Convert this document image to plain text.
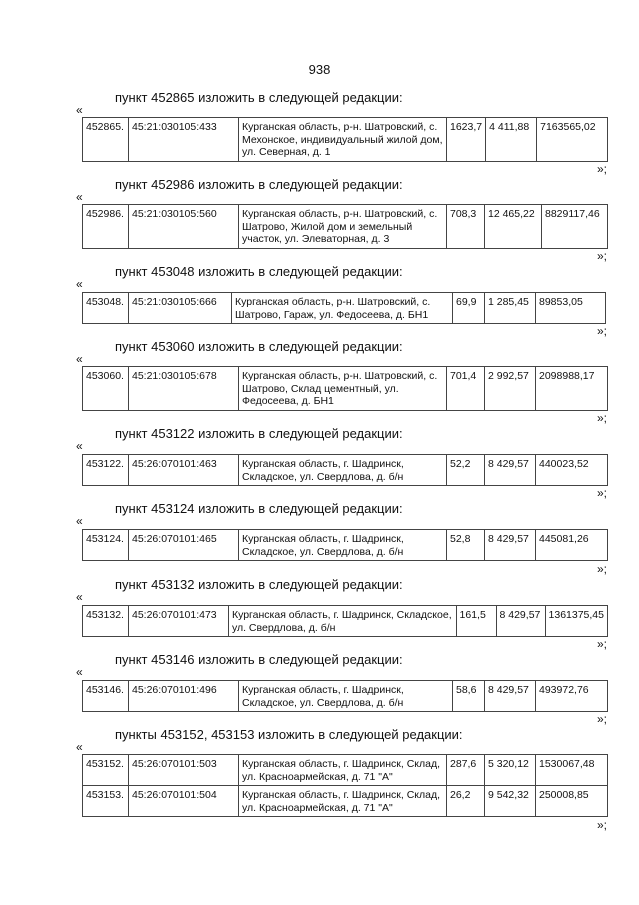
938
пункт 452865 изложить в следующей редакции:
«
452865.	45:21:030105:433	Курганская область, р-н. Шатровский, с. Мехонское, индивидуальный жилой дом, ул. Северная, д. 1	1623,7	4 411,88	7163565,02
»;
пункт 452986 изложить в следующей редакции:
«
452986.	45:21:030105:560	Курганская область, р-н. Шатровский, с. Шатрово, Жилой дом и земельный участок, ул. Элеваторная, д. 3	708,3	12 465,22	8829117,46
»;
пункт 453048 изложить в следующей редакции:
«
453048.	45:21:030105:666	Курганская область, р-н. Шатровский, с. Шатрово, Гараж, ул. Федосеева, д. БН1	69,9	1 285,45	89853,05
»;
пункт 453060 изложить в следующей редакции:
«
453060.	45:21:030105:678	Курганская область, р-н. Шатровский, с. Шатрово, Склад цементный, ул. Федосеева, д. БН1	701,4	2 992,57	2098988,17
»;
пункт 453122 изложить в следующей редакции:
«
453122.	45:26:070101:463	Курганская область, г. Шадринск, Складское, ул. Свердлова, д. б/н	52,2	8 429,57	440023,52
»;
пункт 453124 изложить в следующей редакции:
«
453124.	45:26:070101:465	Курганская область, г. Шадринск, Складское, ул. Свердлова, д. б/н	52,8	8 429,57	445081,26
»;
пункт 453132 изложить в следующей редакции:
«
453132.	45:26:070101:473	Курганская область, г. Шадринск, Складское, ул. Свердлова, д. б/н	161,5	8 429,57	1361375,45
»;
пункт 453146 изложить в следующей редакции:
«
453146.	45:26:070101:496	Курганская область, г. Шадринск, Складское, ул. Свердлова, д. б/н	58,6	8 429,57	493972,76
»;
пункты 453152, 453153 изложить в следующей редакции:
«
453152.	45:26:070101:503	Курганская область, г. Шадринск, Склад, ул. Красноармейская, д. 71 "А"	287,6	5 320,12	1530067,48
453153.	45:26:070101:504	Курганская область, г. Шадринск, Склад, ул. Красноармейская, д. 71 "А"	26,2	9 542,32	250008,85
»;
